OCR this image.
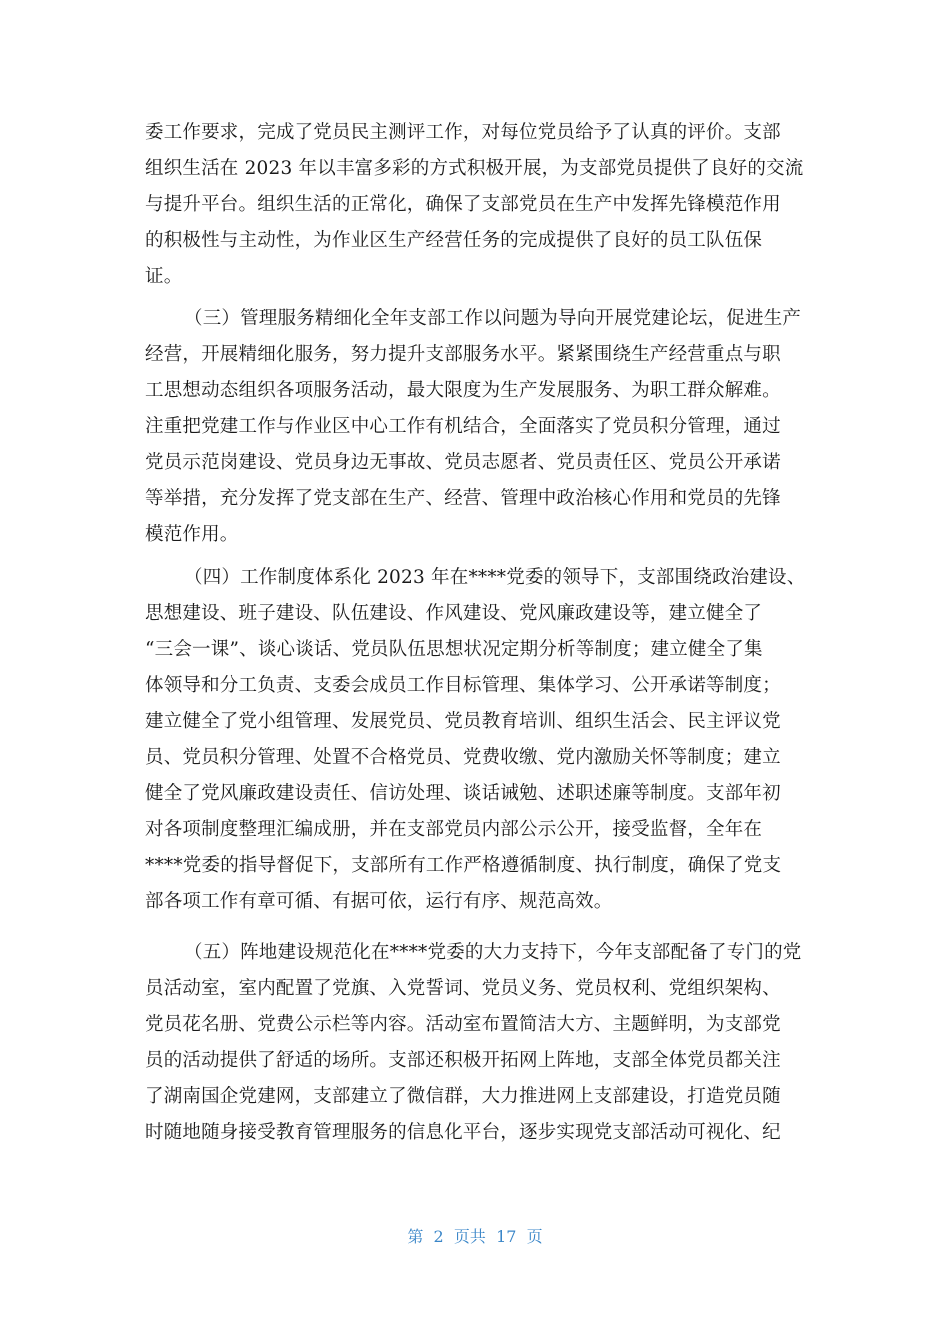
委工作要求，完成了党员民主测评工作，对每位党员给予了认真的评价。支部
组织生活在 2023 年以丰富多彩的方式积极开展，为支部党员提供了良好的交流
与提升平台。组织生活的正常化，确保了支部党员在生产中发挥先锋模范作用
的积极性与主动性，为作业区生产经营任务的完成提供了良好的员工队伍保
证。
（三）管理服务精细化全年支部工作以问题为导向开展党建论坛，促进生产
经营，开展精细化服务，努力提升支部服务水平。紧紧围绕生产经营重点与职
工思想动态组织各项服务活动，最大限度为生产发展服务、为职工群众解难。
注重把党建工作与作业区中心工作有机结合，全面落实了党员积分管理，通过
党员示范岗建设、党员身边无事故、党员志愿者、党员责任区、党员公开承诺
等举措，充分发挥了党支部在生产、经营、管理中政治核心作用和党员的先锋
模范作用。
（四）工作制度体系化 2023 年在****党委的领导下，支部围绕政治建设、
思想建设、班子建设、队伍建设、作风建设、党风廉政建设等，建立健全了
“三会一课”、谈心谈话、党员队伍思想状况定期分析等制度；建立健全了集
体领导和分工负责、支委会成员工作目标管理、集体学习、公开承诺等制度；
建立健全了党小组管理、发展党员、党员教育培训、组织生活会、民主评议党
员、党员积分管理、处置不合格党员、党费收缴、党内激励关怀等制度；建立
健全了党风廉政建设责任、信访处理、谈话诫勉、述职述廉等制度。支部年初
对各项制度整理汇编成册，并在支部党员内部公示公开，接受监督，全年在
****党委的指导督促下，支部所有工作严格遵循制度、执行制度，确保了党支
部各项工作有章可循、有据可依，运行有序、规范高效。
（五）阵地建设规范化在****党委的大力支持下，今年支部配备了专门的党
员活动室，室内配置了党旗、入党誓词、党员义务、党员权利、党组织架构、
党员花名册、党费公示栏等内容。活动室布置简洁大方、主题鲜明，为支部党
员的活动提供了舒适的场所。支部还积极开拓网上阵地，支部全体党员都关注
了湖南国企党建网，支部建立了微信群，大力推进网上支部建设，打造党员随
时随地随身接受教育管理服务的信息化平台，逐步实现党支部活动可视化、纪
第  2  页共  17  页
